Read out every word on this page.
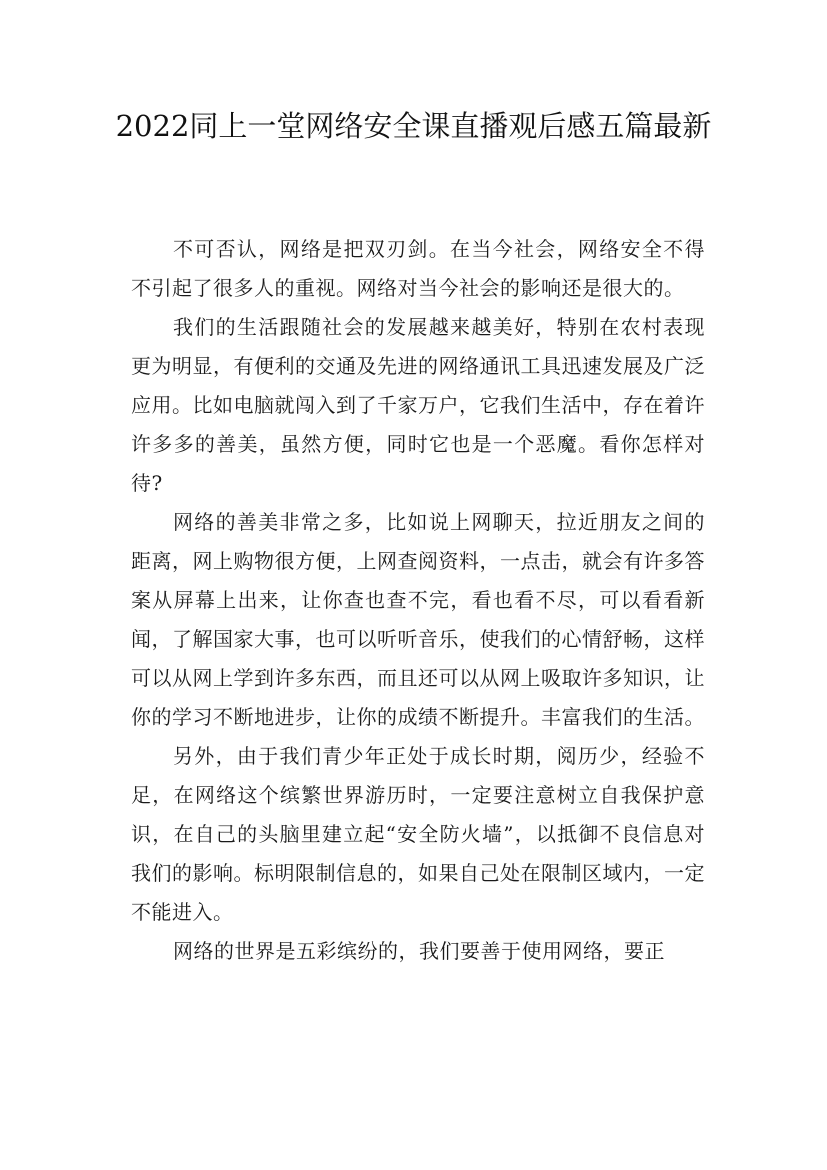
2022同上一堂网络安全课直播观后感五篇最新

不可否认，网络是把双刃剑。在当今社会，网络安全不得不引起了很多人的重视。网络对当今社会的影响还是很大的。

我们的生活跟随社会的发展越来越美好，特别在农村表现更为明显，有便利的交通及先进的网络通讯工具迅速发展及广泛应用。比如电脑就闯入到了千家万户，它我们生活中，存在着许许多多的善美，虽然方便，同时它也是一个恶魔。看你怎样对待?

网络的善美非常之多，比如说上网聊天，拉近朋友之间的距离，网上购物很方便，上网查阅资料，一点击，就会有许多答案从屏幕上出来，让你查也查不完，看也看不尽，可以看看新闻，了解国家大事，也可以听听音乐，使我们的心情舒畅，这样可以从网上学到许多东西，而且还可以从网上吸取许多知识，让你的学习不断地进步，让你的成绩不断提升。丰富我们的生活。

另外，由于我们青少年正处于成长时期，阅历少，经验不足，在网络这个缤繁世界游历时，一定要注意树立自我保护意识，在自己的头脑里建立起“安全防火墙”，以抵御不良信息对我们的影响。标明限制信息的，如果自己处在限制区域内，一定不能进入。

网络的世界是五彩缤纷的，我们要善于使用网络，要正
